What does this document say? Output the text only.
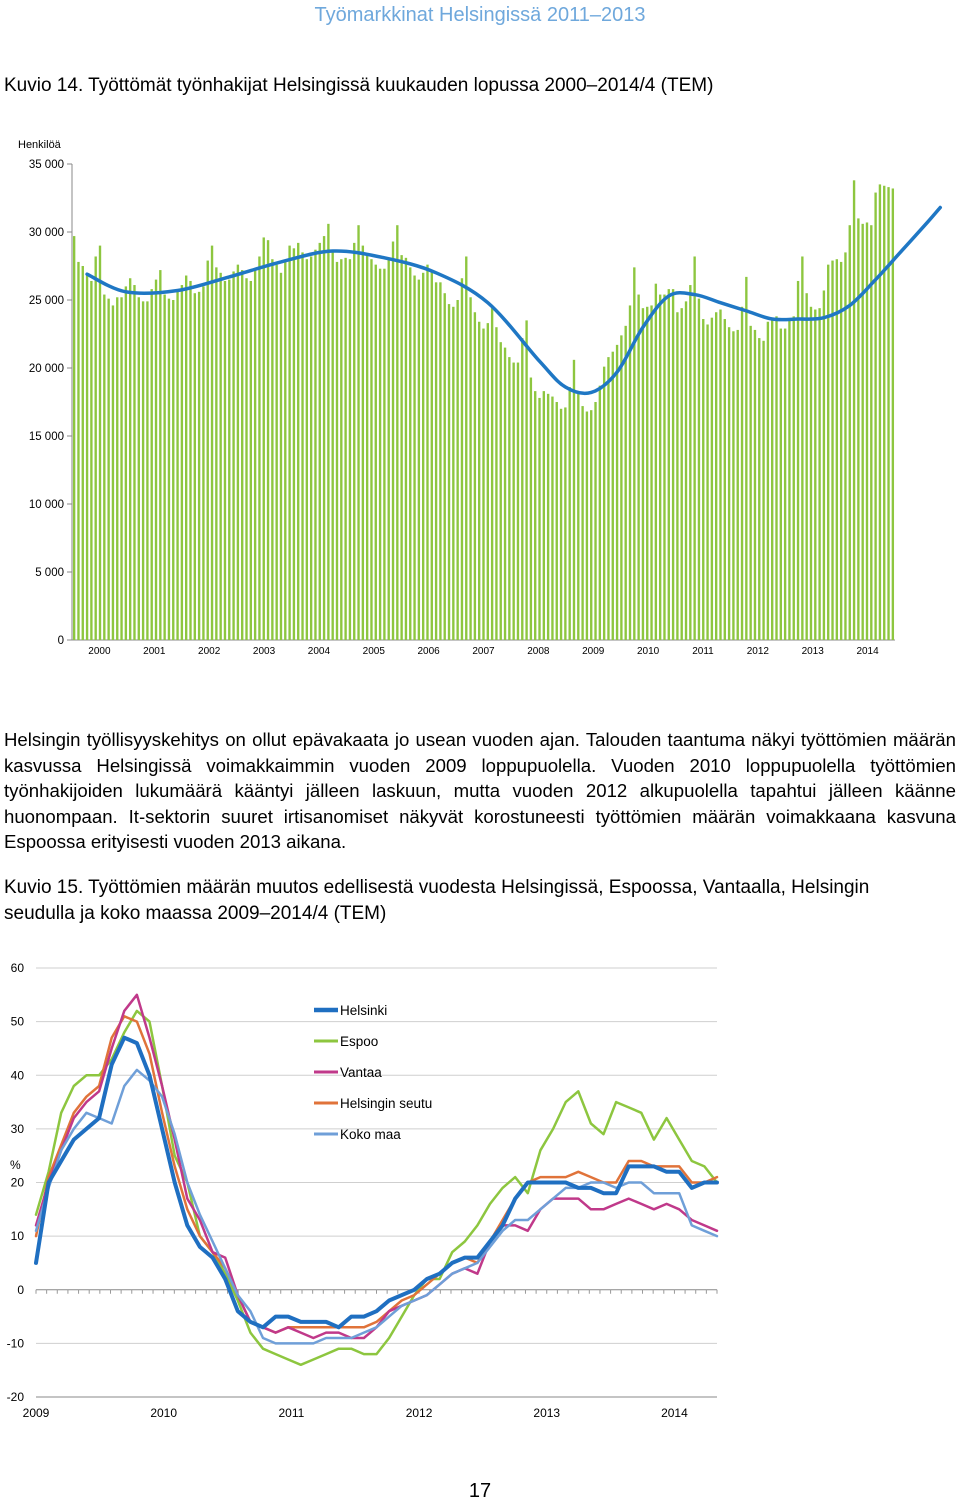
Työmarkkinat Helsingissä 2011–2013
Kuvio 14. Työttömät työnhakijat Helsingissä kuukauden lopussa 2000–2014/4 (TEM)
Henkilöä
0
5 000
10 000
15 000
20 000
25 000
30 000
35 000
2000	2001	2002	2003	2004	2005	2006	2007	2008	2009	2010	2011	2012	2013	2014

Helsingin työllisyyskehitys on ollut epävakaata jo usean vuoden ajan. Talouden taantuma näkyi työttömien määrän kasvussa Helsingissä voimakkaimmin vuoden 2009 loppupuolella. Vuoden 2010 loppupuolella työttömien työnhakijoiden lukumäärä kääntyi jälleen laskuun, mutta vuoden 2012 alkupuolella tapahtui jälleen käänne huonompaan. It-sektorin suuret irtisanomiset näkyvät korostuneesti työttömien määrän voimakkaana kasvuna Espoossa erityisesti vuoden 2013 aikana.

Kuvio 15. Työttömien määrän muutos edellisestä vuodesta Helsingissä, Espoossa, Vantaalla, Helsingin seudulla ja koko maassa 2009–2014/4 (TEM)
%
-20
-10
0
10
20
30
40
50
60
2009	2010	2011	2012	2013	2014
Helsinki
Espoo
Vantaa
Helsingin seutu
Koko maa
17
